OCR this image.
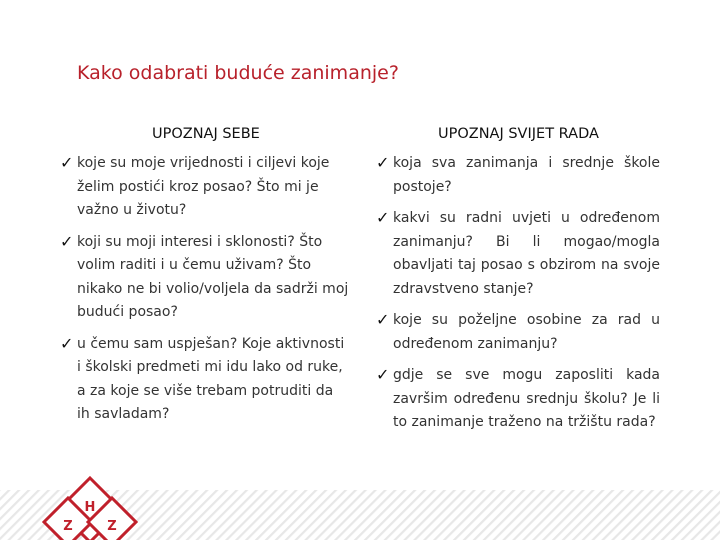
Kako odabrati buduće zanimanje?
UPOZNAJ SEBE	UPOZNAJ SVIJET RADA
✓ koje su moje vrijednosti i ciljevi koje želim postići kroz posao? Što mi je važno u životu?
✓ koji su moji interesi i sklonosti? Što volim raditi i u čemu uživam? Što nikako ne bi volio/voljela da sadrži moj budući posao?
✓ u čemu sam uspješan? Koje aktivnosti i školski predmeti mi idu lako od ruke, a za koje se više trebam potruditi da ih savladam?
✓ koja sva zanimanja i srednje škole postoje?
✓ kakvi su radni uvjeti u određenom zanimanju? Bi li mogao/mogla obavljati taj posao s obzirom na svoje zdravstveno stanje?
✓ koje su poželjne osobine za rad u određenom zanimanju?
✓ gdje se sve mogu zaposliti kada završim određenu srednju školu? Je li to zanimanje traženo na tržištu rada?
H
Z	Z
